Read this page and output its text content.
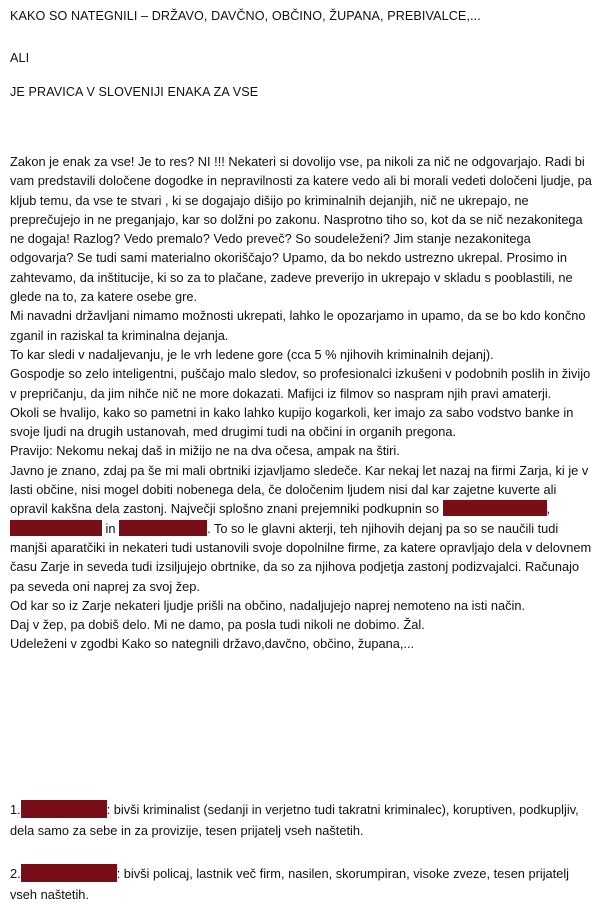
KAKO SO NATEGNILI – DRŽAVO, DAVČNO, OBČINO, ŽUPANA, PREBIVALCE,...
ALI
JE PRAVICA V SLOVENIJI ENAKA ZA VSE

Zakon je enak za vse! Je to res? NI !!! Nekateri si dovolijo vse, pa nikoli za nič ne odgovarjajo. Radi bi vam predstavili določene dogodke in nepravilnosti za katere vedo ali bi morali vedeti določeni ljudje, pa kljub temu, da vse te stvari , ki se dogajajo dišijo po kriminalnih dejanjih, nič ne ukrepajo, ne preprečujejo in ne preganjajo, kar so dolžni po zakonu. Nasprotno tiho so, kot da se nič nezakonitega ne dogaja! Razlog? Vedo premalo? Vedo preveč? So soudeleženi? Jim stanje nezakonitega odgovarja? Se tudi sami materialno okoriščajo? Upamo, da bo nekdo ustrezno ukrepal. Prosimo in zahtevamo, da inštitucije, ki so za to plačane, zadeve preverijo in ukrepajo v skladu s pooblastili, ne glede na to, za katere osebe gre.

Mi navadni državljani nimamo možnosti ukrepati, lahko le opozarjamo in upamo, da se bo kdo končno zganil in raziskal ta kriminalna dejanja.

To kar sledi v nadaljevanju, je le vrh ledene gore (cca 5 % njihovih kriminalnih dejanj).

Gospodje so zelo inteligentni, puščajo malo sledov, so profesionalci izkušeni v podobnih poslih in živijo v prepričanju, da jim nihče nič ne more dokazati. Mafijci iz filmov so naspram njih pravi amaterji.

Okoli se hvalijo, kako so pametni in kako lahko kupijo kogarkoli, ker imajo za sabo vodstvo banke in svoje ljudi na drugih ustanovah, med drugimi tudi na občini in organih pregona.

Pravijo: Nekomu nekaj daš in mižijo ne na dva očesa, ampak na štiri.

Javno je znano, zdaj pa še mi mali obrtniki izjavljamo sledeče. Kar nekaj let nazaj na firmi Zarja, ki je v lasti občine, nisi mogel dobiti nobenega dela, če določenim ljudem nisi dal kar zajetne kuverte ali opravil kakšna dela zastonj. Največji splošno znani prejemniki podkupnin so	,  in	. To so le glavni akterji, teh njihovih dejanj pa so se naučili tudi manjši aparatčiki in nekateri tudi ustanovili svoje dopolnilne firme, za katere opravljajo dela v delovnem času Zarje in seveda tudi izsiljujejo obrtnike, da so za njihova podjetja zastonj podizvajalci. Računajo pa seveda oni naprej za svoj žep.

Od kar so iz Zarje nekateri ljudje prišli na občino, nadaljujejo naprej nemoteno na isti način.

Daj v žep, pa dobiš delo. Mi ne damo, pa posla tudi nikoli ne dobimo. Žal.

Udeleženi v zgodbi Kako so nategnili državo,davčno, občino, župana,...

1.	: bivši kriminalist (sedanji in verjetno tudi takratni kriminalec), koruptiven, podkupljiv, dela samo za sebe in za provizije, tesen prijatelj vseh naštetih.
2.	: bivši policaj, lastnik več firm, nasilen, skorumpiran, visoke zveze, tesen prijatelj vseh naštetih.
